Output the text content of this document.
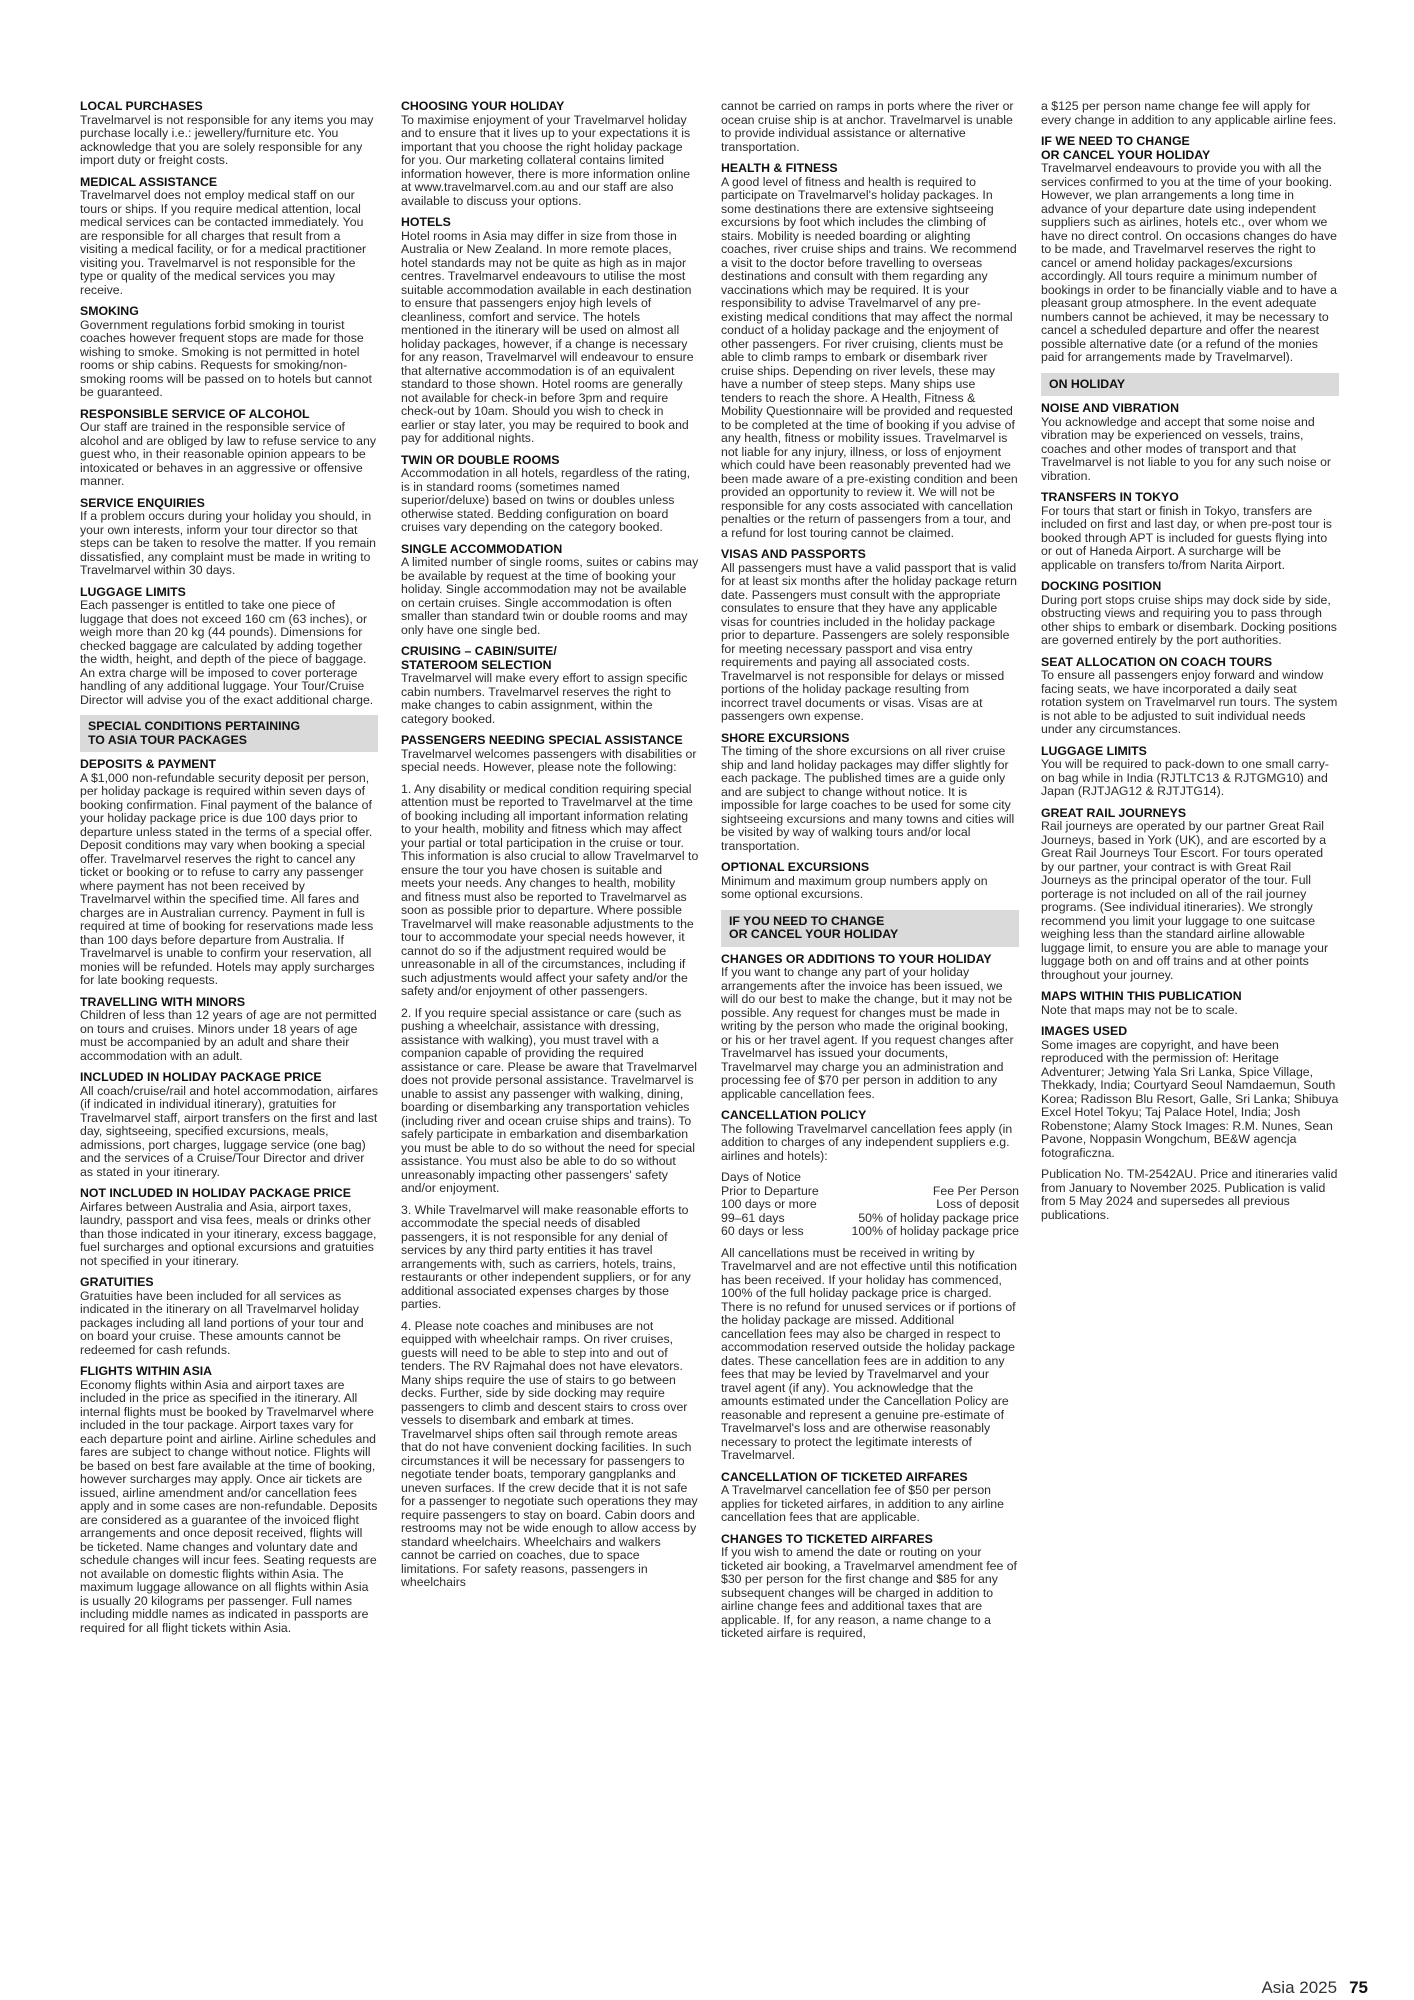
LOCAL PURCHASES
Travelmarvel is not responsible for any items you may purchase locally i.e.: jewellery/furniture etc. You acknowledge that you are solely responsible for any import duty or freight costs.
MEDICAL ASSISTANCE
Travelmarvel does not employ medical staff on our tours or ships. If you require medical attention, local medical services can be contacted immediately. You are responsible for all charges that result from a visiting a medical facility, or for a medical practitioner visiting you. Travelmarvel is not responsible for the type or quality of the medical services you may receive.
SMOKING
Government regulations forbid smoking in tourist coaches however frequent stops are made for those wishing to smoke. Smoking is not permitted in hotel rooms or ship cabins. Requests for smoking/non-smoking rooms will be passed on to hotels but cannot be guaranteed.
RESPONSIBLE SERVICE OF ALCOHOL
Our staff are trained in the responsible service of alcohol and are obliged by law to refuse service to any guest who, in their reasonable opinion appears to be intoxicated or behaves in an aggressive or offensive manner.
SERVICE ENQUIRIES
If a problem occurs during your holiday you should, in your own interests, inform your tour director so that steps can be taken to resolve the matter. If you remain dissatisfied, any complaint must be made in writing to Travelmarvel within 30 days.
LUGGAGE LIMITS
Each passenger is entitled to take one piece of luggage that does not exceed 160 cm (63 inches), or weigh more than 20 kg (44 pounds). Dimensions for checked baggage are calculated by adding together the width, height, and depth of the piece of baggage. An extra charge will be imposed to cover porterage handling of any additional luggage. Your Tour/Cruise Director will advise you of the exact additional charge.
SPECIAL CONDITIONS PERTAINING
TO ASIA TOUR PACKAGES
DEPOSITS & PAYMENT
A $1,000 non-refundable security deposit per person, per holiday package is required within seven days of booking confirmation. Final payment of the balance of your holiday package price is due 100 days prior to departure unless stated in the terms of a special offer. Deposit conditions may vary when booking a special offer. Travelmarvel reserves the right to cancel any ticket or booking or to refuse to carry any passenger where payment has not been received by Travelmarvel within the specified time. All fares and charges are in Australian currency. Payment in full is required at time of booking for reservations made less than 100 days before departure from Australia. If Travelmarvel is unable to confirm your reservation, all monies will be refunded. Hotels may apply surcharges for late booking requests.
TRAVELLING WITH MINORS
Children of less than 12 years of age are not permitted on tours and cruises. Minors under 18 years of age must be accompanied by an adult and share their accommodation with an adult.
INCLUDED IN HOLIDAY PACKAGE PRICE
All coach/cruise/rail and hotel accommodation, airfares (if indicated in individual itinerary), gratuities for Travelmarvel staff, airport transfers on the first and last day, sightseeing, specified excursions, meals, admissions, port charges, luggage service (one bag) and the services of a Cruise/Tour Director and driver as stated in your itinerary.
NOT INCLUDED IN HOLIDAY PACKAGE PRICE
Airfares between Australia and Asia, airport taxes, laundry, passport and visa fees, meals or drinks other than those indicated in your itinerary, excess baggage, fuel surcharges and optional excursions and gratuities not specified in your itinerary.
GRATUITIES
Gratuities have been included for all services as indicated in the itinerary on all Travelmarvel holiday packages including all land portions of your tour and on board your cruise. These amounts cannot be redeemed for cash refunds.
FLIGHTS WITHIN ASIA
Economy flights within Asia and airport taxes are included in the price as specified in the itinerary. All internal flights must be booked by Travelmarvel where included in the tour package. Airport taxes vary for each departure point and airline. Airline schedules and fares are subject to change without notice. Flights will be based on best fare available at the time of booking, however surcharges may apply. Once air tickets are issued, airline amendment and/or cancellation fees apply and in some cases are non-refundable. Deposits are considered as a guarantee of the invoiced flight arrangements and once deposit received, flights will be ticketed. Name changes and voluntary date and schedule changes will incur fees. Seating requests are not available on domestic flights within Asia. The maximum luggage allowance on all flights within Asia is usually 20 kilograms per passenger. Full names including middle names as indicated in passports are required for all flight tickets within Asia.
CHOOSING YOUR HOLIDAY
To maximise enjoyment of your Travelmarvel holiday and to ensure that it lives up to your expectations it is important that you choose the right holiday package for you. Our marketing collateral contains limited information however, there is more information online at www.travelmarvel.com.au and our staff are also available to discuss your options.
HOTELS
Hotel rooms in Asia may differ in size from those in Australia or New Zealand. In more remote places, hotel standards may not be quite as high as in major centres. Travelmarvel endeavours to utilise the most suitable accommodation available in each destination to ensure that passengers enjoy high levels of cleanliness, comfort and service. The hotels mentioned in the itinerary will be used on almost all holiday packages, however, if a change is necessary for any reason, Travelmarvel will endeavour to ensure that alternative accommodation is of an equivalent standard to those shown. Hotel rooms are generally not available for check-in before 3pm and require check-out by 10am. Should you wish to check in earlier or stay later, you may be required to book and pay for additional nights.
TWIN OR DOUBLE ROOMS
Accommodation in all hotels, regardless of the rating, is in standard rooms (sometimes named superior/deluxe) based on twins or doubles unless otherwise stated. Bedding configuration on board cruises vary depending on the category booked.
SINGLE ACCOMMODATION
A limited number of single rooms, suites or cabins may be available by request at the time of booking your holiday. Single accommodation may not be available on certain cruises. Single accommodation is often smaller than standard twin or double rooms and may only have one single bed.
CRUISING – CABIN/SUITE/
STATEROOM SELECTION
Travelmarvel will make every effort to assign specific cabin numbers. Travelmarvel reserves the right to make changes to cabin assignment, within the category booked.
PASSENGERS NEEDING SPECIAL ASSISTANCE
Travelmarvel welcomes passengers with disabilities or special needs. However, please note the following:
1. Any disability or medical condition requiring special attention must be reported to Travelmarvel at the time of booking including all important information relating to your health, mobility and fitness which may affect your partial or total participation in the cruise or tour. This information is also crucial to allow Travelmarvel to ensure the tour you have chosen is suitable and meets your needs. Any changes to health, mobility and fitness must also be reported to Travelmarvel as soon as possible prior to departure. Where possible Travelmarvel will make reasonable adjustments to the tour to accommodate your special needs however, it cannot do so if the adjustment required would be unreasonable in all of the circumstances, including if such adjustments would affect your safety and/or the safety and/or enjoyment of other passengers.
2. If you require special assistance or care (such as pushing a wheelchair, assistance with dressing, assistance with walking), you must travel with a companion capable of providing the required assistance or care. Please be aware that Travelmarvel does not provide personal assistance. Travelmarvel is unable to assist any passenger with walking, dining, boarding or disembarking any transportation vehicles (including river and ocean cruise ships and trains). To safely participate in embarkation and disembarkation you must be able to do so without the need for special assistance. You must also be able to do so without unreasonably impacting other passengers' safety and/or enjoyment.
3. While Travelmarvel will make reasonable efforts to accommodate the special needs of disabled passengers, it is not responsible for any denial of services by any third party entities it has travel arrangements with, such as carriers, hotels, trains, restaurants or other independent suppliers, or for any additional associated expenses charges by those parties.
4. Please note coaches and minibuses are not equipped with wheelchair ramps. On river cruises, guests will need to be able to step into and out of tenders. The RV Rajmahal does not have elevators. Many ships require the use of stairs to go between decks. Further, side by side docking may require passengers to climb and descent stairs to cross over vessels to disembark and embark at times. Travelmarvel ships often sail through remote areas that do not have convenient docking facilities. In such circumstances it will be necessary for passengers to negotiate tender boats, temporary gangplanks and uneven surfaces. If the crew decide that it is not safe for a passenger to negotiate such operations they may require passengers to stay on board. Cabin doors and restrooms may not be wide enough to allow access by standard wheelchairs. Wheelchairs and walkers cannot be carried on coaches, due to space limitations. For safety reasons, passengers in wheelchairs
cannot be carried on ramps in ports where the river or ocean cruise ship is at anchor. Travelmarvel is unable to provide individual assistance or alternative transportation.
HEALTH & FITNESS
A good level of fitness and health is required to participate on Travelmarvel's holiday packages. In some destinations there are extensive sightseeing excursions by foot which includes the climbing of stairs. Mobility is needed boarding or alighting coaches, river cruise ships and trains. We recommend a visit to the doctor before travelling to overseas destinations and consult with them regarding any vaccinations which may be required. It is your responsibility to advise Travelmarvel of any pre-existing medical conditions that may affect the normal conduct of a holiday package and the enjoyment of other passengers. For river cruising, clients must be able to climb ramps to embark or disembark river cruise ships. Depending on river levels, these may have a number of steep steps. Many ships use tenders to reach the shore. A Health, Fitness & Mobility Questionnaire will be provided and requested to be completed at the time of booking if you advise of any health, fitness or mobility issues. Travelmarvel is not liable for any injury, illness, or loss of enjoyment which could have been reasonably prevented had we been made aware of a pre-existing condition and been provided an opportunity to review it. We will not be responsible for any costs associated with cancellation penalties or the return of passengers from a tour, and a refund for lost touring cannot be claimed.
VISAS AND PASSPORTS
All passengers must have a valid passport that is valid for at least six months after the holiday package return date. Passengers must consult with the appropriate consulates to ensure that they have any applicable visas for countries included in the holiday package prior to departure. Passengers are solely responsible for meeting necessary passport and visa entry requirements and paying all associated costs. Travelmarvel is not responsible for delays or missed portions of the holiday package resulting from incorrect travel documents or visas. Visas are at passengers own expense.
SHORE EXCURSIONS
The timing of the shore excursions on all river cruise ship and land holiday packages may differ slightly for each package. The published times are a guide only and are subject to change without notice. It is impossible for large coaches to be used for some city sightseeing excursions and many towns and cities will be visited by way of walking tours and/or local transportation.
OPTIONAL EXCURSIONS
Minimum and maximum group numbers apply on some optional excursions.
IF YOU NEED TO CHANGE
OR CANCEL YOUR HOLIDAY
CHANGES OR ADDITIONS TO YOUR HOLIDAY
If you want to change any part of your holiday arrangements after the invoice has been issued, we will do our best to make the change, but it may not be possible. Any request for changes must be made in writing by the person who made the original booking, or his or her travel agent. If you request changes after Travelmarvel has issued your documents, Travelmarvel may charge you an administration and processing fee of $70 per person in addition to any applicable cancellation fees.
CANCELLATION POLICY
The following Travelmarvel cancellation fees apply (in addition to charges of any independent suppliers e.g. airlines and hotels):
Days of Notice
Prior to Departure	Fee Per Person
100 days or more	Loss of deposit
99–61 days	50% of holiday package price
60 days or less	100% of holiday package price
All cancellations must be received in writing by Travelmarvel and are not effective until this notification has been received. If your holiday has commenced, 100% of the full holiday package price is charged. There is no refund for unused services or if portions of the holiday package are missed. Additional cancellation fees may also be charged in respect to accommodation reserved outside the holiday package dates. These cancellation fees are in addition to any fees that may be levied by Travelmarvel and your travel agent (if any). You acknowledge that the amounts estimated under the Cancellation Policy are reasonable and represent a genuine pre-estimate of Travelmarvel's loss and are otherwise reasonably necessary to protect the legitimate interests of Travelmarvel.
CANCELLATION OF TICKETED AIRFARES
A Travelmarvel cancellation fee of $50 per person applies for ticketed airfares, in addition to any airline cancellation fees that are applicable.
CHANGES TO TICKETED AIRFARES
If you wish to amend the date or routing on your ticketed air booking, a Travelmarvel amendment fee of $30 per person for the first change and $85 for any subsequent changes will be charged in addition to airline change fees and additional taxes that are applicable. If, for any reason, a name change to a ticketed airfare is required,
a $125 per person name change fee will apply for every change in addition to any applicable airline fees.
IF WE NEED TO CHANGE
OR CANCEL YOUR HOLIDAY
Travelmarvel endeavours to provide you with all the services confirmed to you at the time of your booking. However, we plan arrangements a long time in advance of your departure date using independent suppliers such as airlines, hotels etc., over whom we have no direct control. On occasions changes do have to be made, and Travelmarvel reserves the right to cancel or amend holiday packages/excursions accordingly. All tours require a minimum number of bookings in order to be financially viable and to have a pleasant group atmosphere. In the event adequate numbers cannot be achieved, it may be necessary to cancel a scheduled departure and offer the nearest possible alternative date (or a refund of the monies paid for arrangements made by Travelmarvel).
ON HOLIDAY
NOISE AND VIBRATION
You acknowledge and accept that some noise and vibration may be experienced on vessels, trains, coaches and other modes of transport and that Travelmarvel is not liable to you for any such noise or vibration.
TRANSFERS IN TOKYO
For tours that start or finish in Tokyo, transfers are included on first and last day, or when pre-post tour is booked through APT is included for guests flying into or out of Haneda Airport. A surcharge will be applicable on transfers to/from Narita Airport.
DOCKING POSITION
During port stops cruise ships may dock side by side, obstructing views and requiring you to pass through other ships to embark or disembark. Docking positions are governed entirely by the port authorities.
SEAT ALLOCATION ON COACH TOURS
To ensure all passengers enjoy forward and window facing seats, we have incorporated a daily seat rotation system on Travelmarvel run tours. The system is not able to be adjusted to suit individual needs under any circumstances.
LUGGAGE LIMITS
You will be required to pack-down to one small carry-on bag while in India (RJTLTC13 & RJTGMG10) and Japan (RJTJAG12 & RJTJTG14).
GREAT RAIL JOURNEYS
Rail journeys are operated by our partner Great Rail Journeys, based in York (UK), and are escorted by a Great Rail Journeys Tour Escort. For tours operated by our partner, your contract is with Great Rail Journeys as the principal operator of the tour. Full porterage is not included on all of the rail journey programs. (See individual itineraries). We strongly recommend you limit your luggage to one suitcase weighing less than the standard airline allowable luggage limit, to ensure you are able to manage your luggage both on and off trains and at other points throughout your journey.
MAPS WITHIN THIS PUBLICATION
Note that maps may not be to scale.
IMAGES USED
Some images are copyright, and have been reproduced with the permission of: Heritage Adventurer; Jetwing Yala Sri Lanka, Spice Village, Thekkady, India; Courtyard Seoul Namdaemun, South Korea; Radisson Blu Resort, Galle, Sri Lanka; Shibuya Excel Hotel Tokyu; Taj Palace Hotel, India; Josh Robenstone; Alamy Stock Images: R.M. Nunes, Sean Pavone, Noppasin Wongchum, BE&W agencja fotograficzna.
Publication No. TM-2542AU. Price and itineraries valid from January to November 2025. Publication is valid from 5 May 2024 and supersedes all previous publications.
Asia 2025 75
